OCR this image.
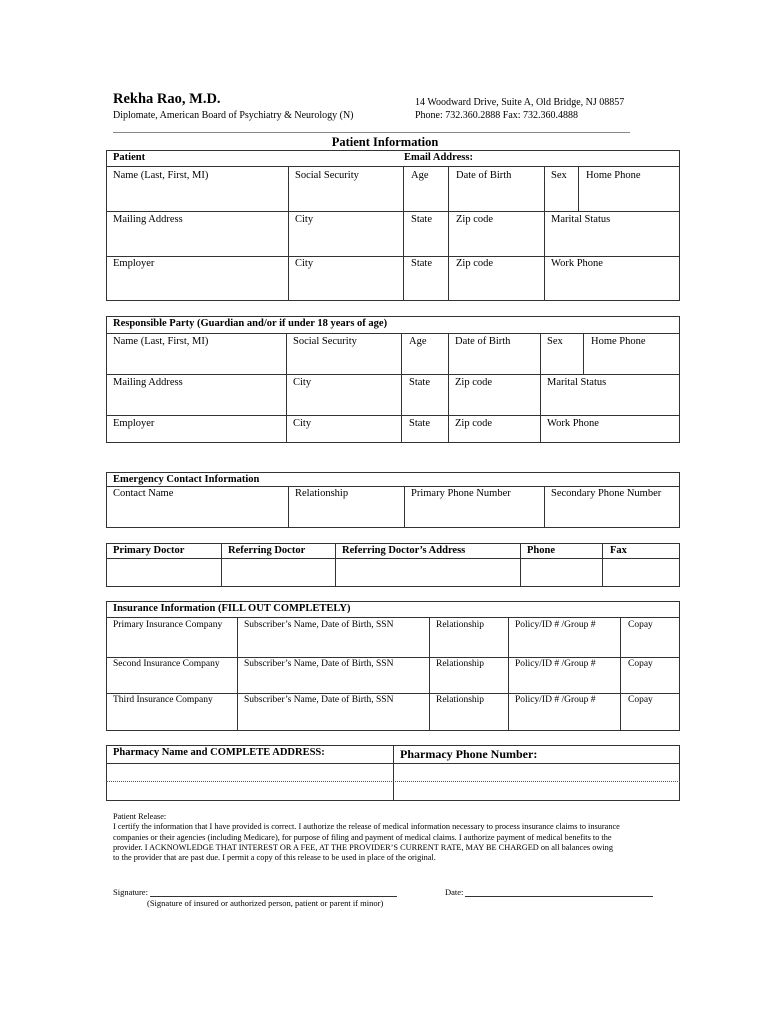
Rekha Rao, M.D.
Diplomate, American Board of Psychiatry & Neurology (N)
14 Woodward Drive, Suite A, Old Bridge, NJ 08857
Phone: 732.360.2888 Fax: 732.360.4888
Patient Information
Patient	Email Address:
Name (Last, First, MI)	Social Security	Age	Date of Birth	Sex Home Phone
Mailing Address	City	State Zip code	Marital Status
Employer	City	State Zip code	Work Phone
Responsible Party (Guardian and/or if under 18 years of age)
Name (Last, First, MI)	Social Security	Age	Date of Birth	Sex	Home Phone
Mailing Address	City	State Zip code	Marital Status
Employer	City	State Zip code	Work Phone
Emergency Contact Information
Contact Name	Relationship	Primary Phone Number	Secondary Phone Number
Primary Doctor	Referring Doctor	Referring Doctor’s Address	Phone	Fax
Insurance Information (FILL OUT COMPLETELY)
Primary Insurance Company Subscriber’s Name, Date of Birth, SSN	Relationship	Policy/ID # /Group #	Copay
Second Insurance Company	Subscriber’s Name, Date of Birth, SSN	Relationship	Policy/ID # /Group #	Copay
Third Insurance Company	Subscriber’s Name, Date of Birth, SSN	Relationship	Policy/ID # /Group #	Copay
Pharmacy Name and COMPLETE ADDRESS:	Pharmacy Phone Number:
Patient Release:
I certify the information that I have provided is correct. I authorize the release of medical information necessary to process insurance claims to insurance
companies or their agencies (including Medicare), for purpose of filing and payment of medical claims. I authorize payment of medical benefits to the
provider. I ACKNOWLEDGE THAT INTEREST OR A FEE, AT THE PROVIDER’S CURRENT RATE, MAY BE CHARGED on all balances owing
to the provider that are past due. I permit a copy of this release to be used in place of the original.
Signature:
(Signature of insured or authorized person, patient or parent if minor)
Date:
